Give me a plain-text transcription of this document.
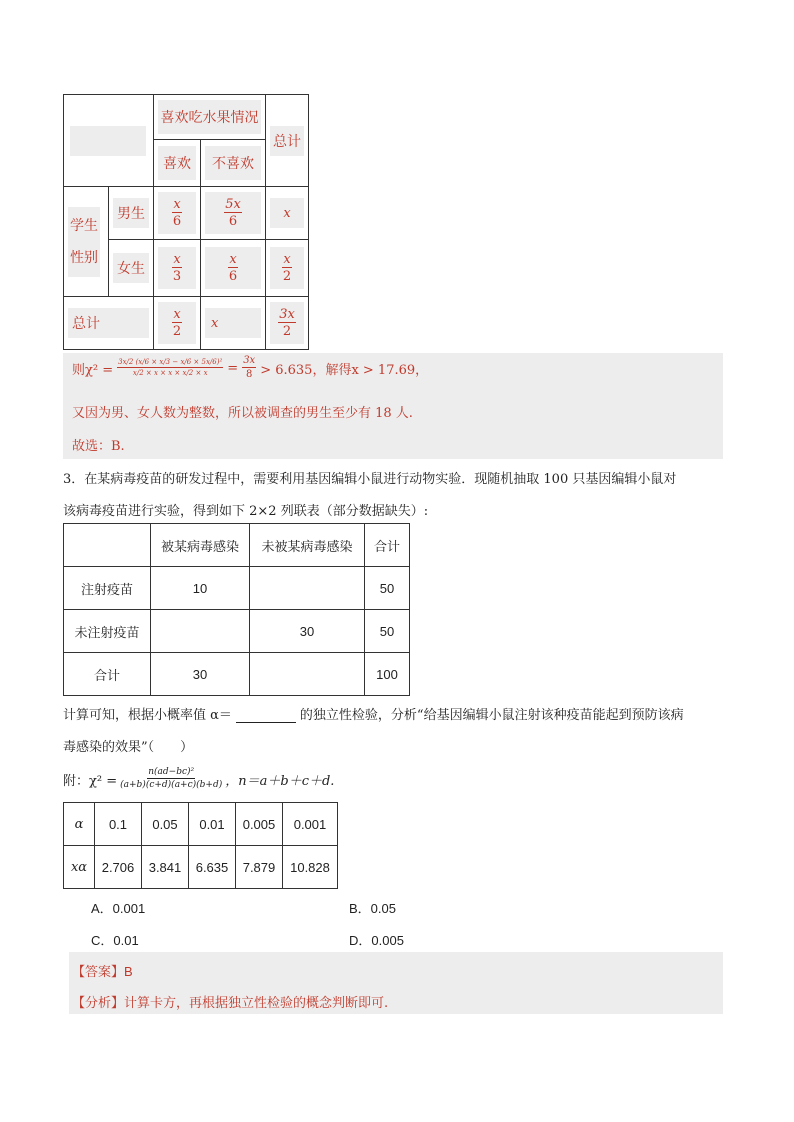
喜欢吃水果情况		总计

喜欢	不喜欢	

学生性别	男生	$\frac{x}{6}$	$\frac{5x}{6}$	x

女生	$\frac{x}{3}$	$\frac{x}{6}$	$\frac{x}{2}$

总计		$\frac{x}{2}$	x	$\frac{3x}{2}$
则$\chi^2 = \frac{\text{3x/2 (x/6 × x/3 − x/6 × 5x/6)²}}{x/2 \times x \times x \times x/2 \times x} = \frac{3x}{8} > 6.635$，解得x > 17.69，
又因为男、女人数为整数，所以被调查的男生至少有 18 人.
故选：B.
3．在某病毒疫苗的研发过程中，需要利用基因编辑小鼠进行动物实验．现随机抽取 100 只基因编辑小鼠对
该病毒疫苗进行实验，得到如下 2×2 列联表（部分数据缺失）:
	被某病毒感染	未被某病毒感染	合计
注射疫苗	10		50
未注射疫苗		30	50
合计	30		100
计算可知，根据小概率值 α＝	的独立性检验，分析“给基因编辑小鼠注射该种疫苗能起到预防该病
毒感染的效果”（　　）
附：$\chi^2 = \frac{\text{n(ad−bc)²}}{(a+b)(c+d)(a+c)(b+d)}$ ，n＝a＋b＋c＋d.
α	0.1	0.05	0.01	0.005	0.001
xα	2.706	3.841	6.635	7.879	10.828
A．0.001	B．0.05
C．0.01	D．0.005
【答案】B
【分析】计算卡方，再根据独立性检验的概念判断即可.
